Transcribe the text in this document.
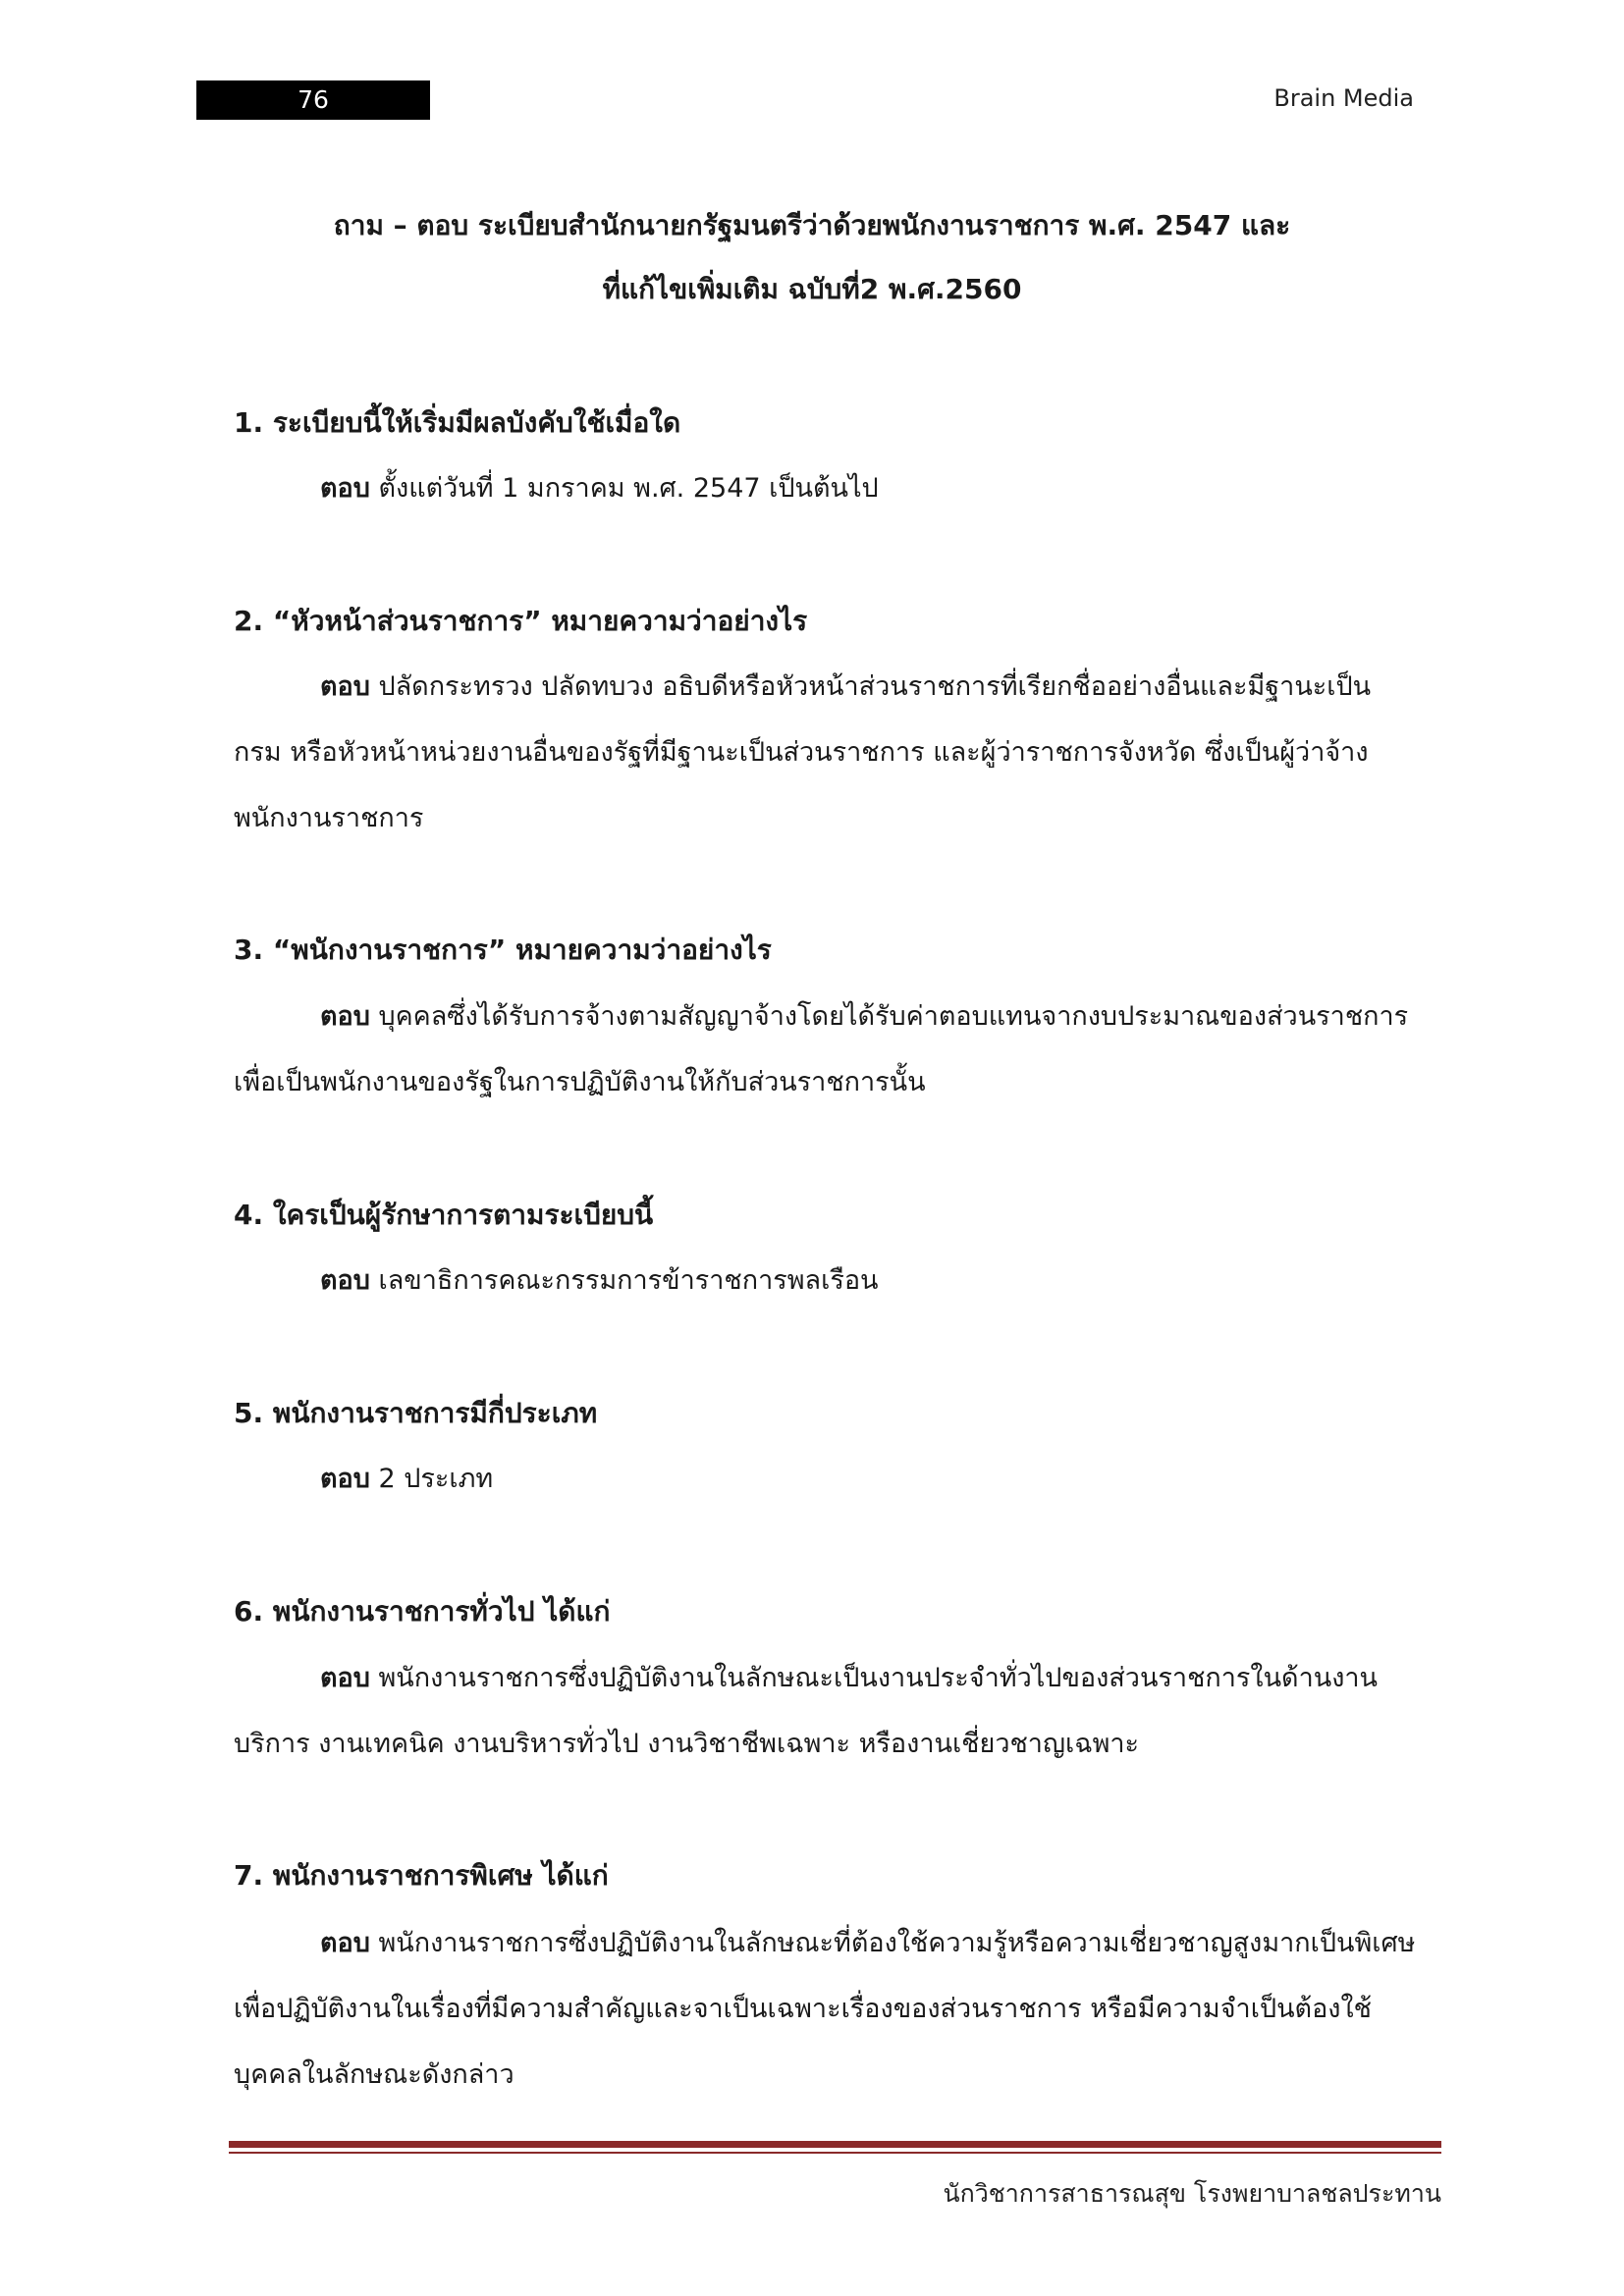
76	Brain Media
ถาม – ตอบ ระเบียบสำนักนายกรัฐมนตรีว่าด้วยพนักงานราชการ พ.ศ. 2547 และ
ที่แก้ไขเพิ่มเติม ฉบับที่2 พ.ศ.2560
1. ระเบียบนี้ให้เริ่มมีผลบังคับใช้เมื่อใด
ตอบ ตั้งแต่วันที่ 1 มกราคม พ.ศ. 2547 เป็นต้นไป
2. “หัวหน้าส่วนราชการ” หมายความว่าอย่างไร
ตอบ ปลัดกระทรวง ปลัดทบวง อธิบดีหรือหัวหน้าส่วนราชการที่เรียกชื่ออย่างอื่นและมีฐานะเป็น
กรม หรือหัวหน้าหน่วยงานอื่นของรัฐที่มีฐานะเป็นส่วนราชการ และผู้ว่าราชการจังหวัด ซึ่งเป็นผู้ว่าจ้าง
พนักงานราชการ
3. “พนักงานราชการ” หมายความว่าอย่างไร
ตอบ บุคคลซึ่งได้รับการจ้างตามสัญญาจ้างโดยได้รับค่าตอบแทนจากงบประมาณของส่วนราชการ
เพื่อเป็นพนักงานของรัฐในการปฏิบัติงานให้กับส่วนราชการนั้น
4. ใครเป็นผู้รักษาการตามระเบียบนี้
ตอบ เลขาธิการคณะกรรมการข้าราชการพลเรือน
5. พนักงานราชการมีกี่ประเภท
ตอบ 2 ประเภท
6. พนักงานราชการทั่วไป ได้แก่
ตอบ พนักงานราชการซึ่งปฏิบัติงานในลักษณะเป็นงานประจำทั่วไปของส่วนราชการในด้านงาน
บริการ งานเทคนิค งานบริหารทั่วไป งานวิชาชีพเฉพาะ หรืองานเชี่ยวชาญเฉพาะ
7. พนักงานราชการพิเศษ ได้แก่
ตอบ พนักงานราชการซึ่งปฏิบัติงานในลักษณะที่ต้องใช้ความรู้หรือความเชี่ยวชาญสูงมากเป็นพิเศษ
เพื่อปฏิบัติงานในเรื่องที่มีความสำคัญและจาเป็นเฉพาะเรื่องของส่วนราชการ หรือมีความจำเป็นต้องใช้
บุคคลในลักษณะดังกล่าว
นักวิชาการสาธารณสุข โรงพยาบาลชลประทาน
